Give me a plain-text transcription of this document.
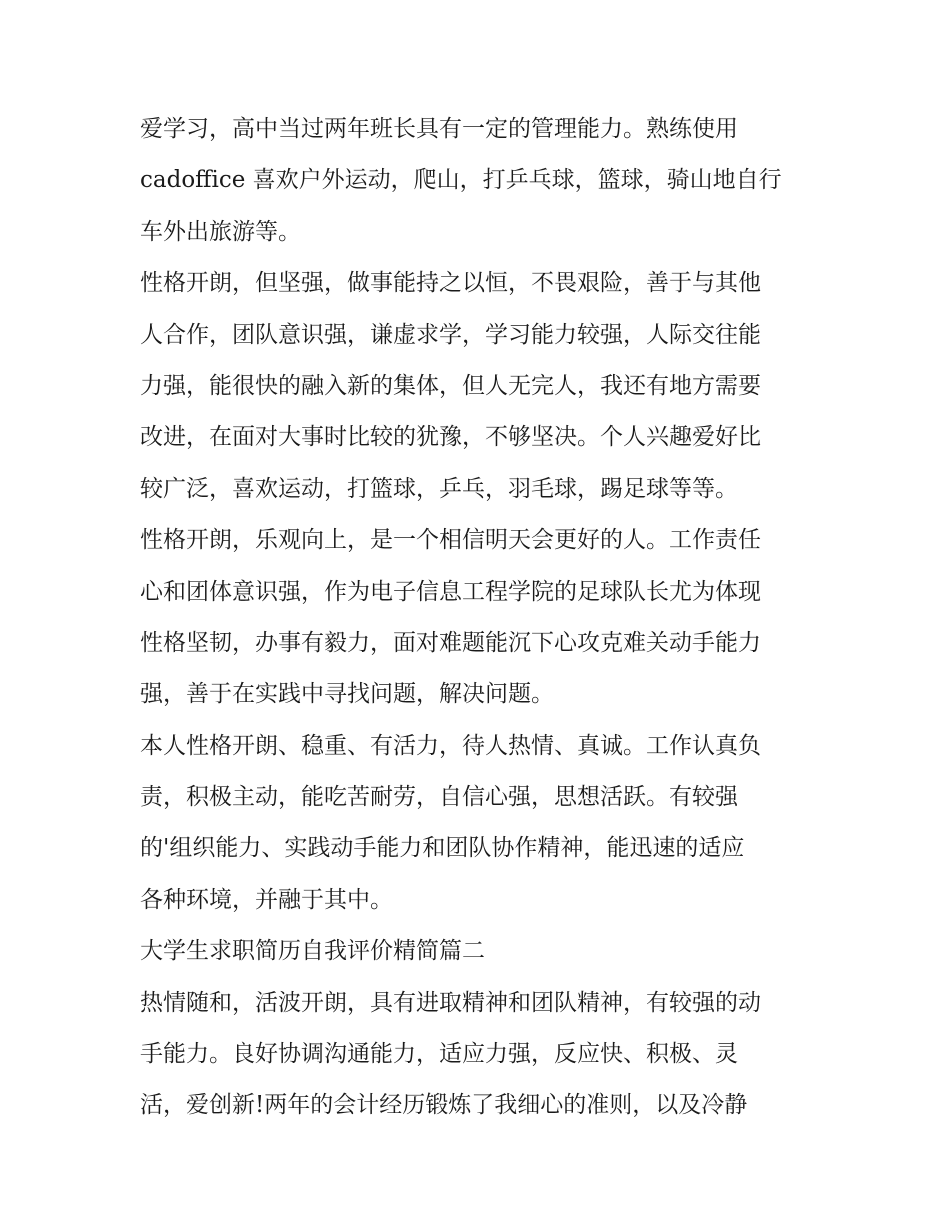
爱学习，高中当过两年班长具有一定的管理能力。熟练使用
cadoffice 喜欢户外运动，爬山，打乒乓球，篮球，骑山地自行
车外出旅游等。
性格开朗，但坚强，做事能持之以恒，不畏艰险，善于与其他
人合作，团队意识强，谦虚求学，学习能力较强，人际交往能
力强，能很快的融入新的集体，但人无完人，我还有地方需要
改进，在面对大事时比较的犹豫，不够坚决。个人兴趣爱好比
较广泛，喜欢运动，打篮球，乒乓，羽毛球，踢足球等等。
性格开朗，乐观向上，是一个相信明天会更好的人。工作责任
心和团体意识强，作为电子信息工程学院的足球队长尤为体现
性格坚韧，办事有毅力，面对难题能沉下心攻克难关动手能力
强，善于在实践中寻找问题，解决问题。
本人性格开朗、稳重、有活力，待人热情、真诚。工作认真负
责，积极主动，能吃苦耐劳，自信心强，思想活跃。有较强
的'组织能力、实践动手能力和团队协作精神，能迅速的适应
各种环境，并融于其中。
大学生求职简历自我评价精简篇二
热情随和，活波开朗，具有进取精神和团队精神，有较强的动
手能力。良好协调沟通能力，适应力强，反应快、积极、灵
活，爱创新!两年的会计经历锻炼了我细心的准则，以及冷静
